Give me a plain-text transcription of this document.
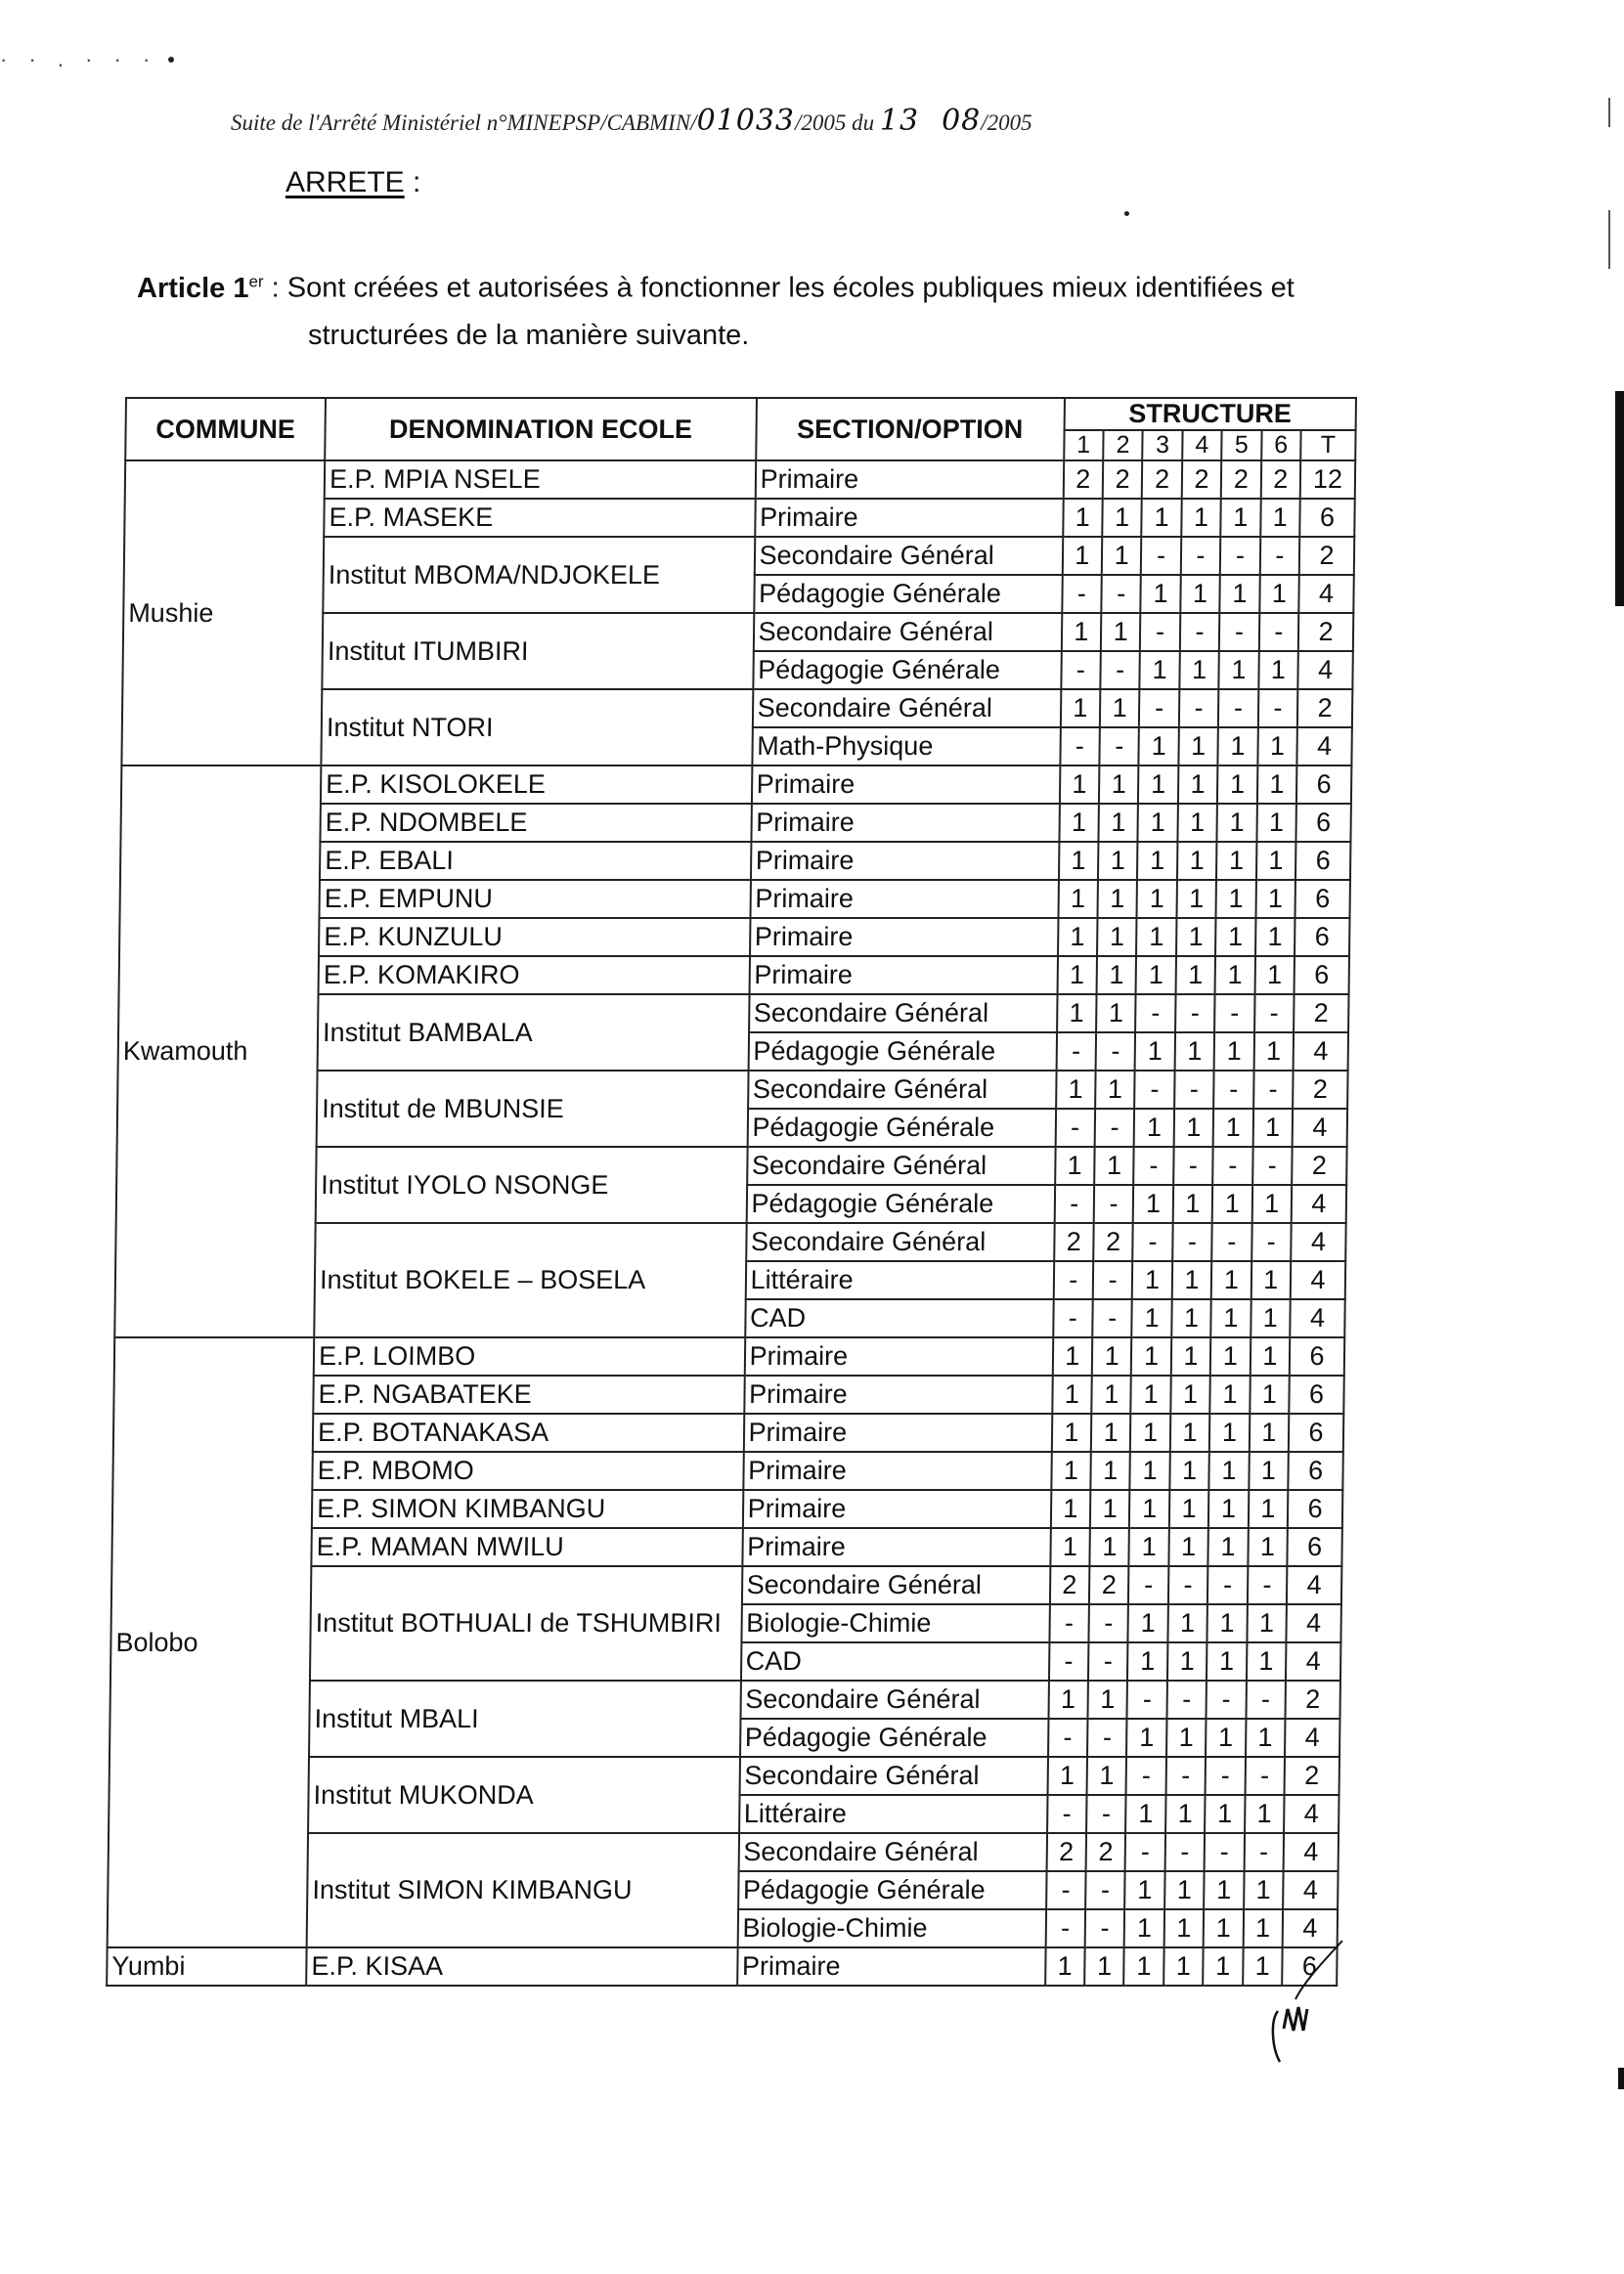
· · . · · ·
Suite de l'Arrêté Ministériel n°MINEPSP/CABMIN/01033/2005 du 13 08/2005
ARRETE :
Article 1er : Sont créées et autorisées à fonctionner les écoles publiques mieux identifiées et
structurées de la manière suivante.
COMMUNE	DENOMINATION ECOLE	SECTION/OPTION	STRUCTURE						
			1	2	3	4	5	6	T
Mushie	E.P. MPIA NSELE	Primaire	2	2	2	2	2	2	12
	E.P. MASEKE	Primaire	1	1	1	1	1	1	6
	Institut MBOMA/NDJOKELE	Secondaire Général	1	1	-	-	-	-	2
		Pédagogie Générale	-	-	1	1	1	1	4
	Institut ITUMBIRI	Secondaire Général	1	1	-	-	-	-	2
		Pédagogie Générale	-	-	1	1	1	1	4
	Institut NTORI	Secondaire Général	1	1	-	-	-	-	2
		Math-Physique	-	-	1	1	1	1	4
Kwamouth	E.P. KISOLOKELE	Primaire	1	1	1	1	1	1	6
	E.P. NDOMBELE	Primaire	1	1	1	1	1	1	6
	E.P. EBALI	Primaire	1	1	1	1	1	1	6
	E.P. EMPUNU	Primaire	1	1	1	1	1	1	6
	E.P. KUNZULU	Primaire	1	1	1	1	1	1	6
	E.P. KOMAKIRO	Primaire	1	1	1	1	1	1	6
	Institut BAMBALA	Secondaire Général	1	1	-	-	-	-	2
		Pédagogie Générale	-	-	1	1	1	1	4
	Institut de MBUNSIE	Secondaire Général	1	1	-	-	-	-	2
		Pédagogie Générale	-	-	1	1	1	1	4
	Institut IYOLO NSONGE	Secondaire Général	1	1	-	-	-	-	2
		Pédagogie Générale	-	-	1	1	1	1	4
	Institut BOKELE – BOSELA	Secondaire Général	2	2	-	-	-	-	4
		Littéraire	-	-	1	1	1	1	4
		CAD	-	-	1	1	1	1	4
Bolobo	E.P. LOIMBO	Primaire	1	1	1	1	1	1	6
	E.P. NGABATEKE	Primaire	1	1	1	1	1	1	6
	E.P. BOTANAKASA	Primaire	1	1	1	1	1	1	6
	E.P. MBOMO	Primaire	1	1	1	1	1	1	6
	E.P. SIMON KIMBANGU	Primaire	1	1	1	1	1	1	6
	E.P. MAMAN MWILU	Primaire	1	1	1	1	1	1	6
	Institut BOTHUALI de TSHUMBIRI	Secondaire Général	2	2	-	-	-	-	4
		Biologie-Chimie	-	-	1	1	1	1	4
		CAD	-	-	1	1	1	1	4
	Institut MBALI	Secondaire Général	1	1	-	-	-	-	2
		Pédagogie Générale	-	-	1	1	1	1	4
	Institut MUKONDA	Secondaire Général	1	1	-	-	-	-	2
		Littéraire	-	-	1	1	1	1	4
	Institut SIMON KIMBANGU	Secondaire Général	2	2	-	-	-	-	4
		Pédagogie Générale	-	-	1	1	1	1	4
		Biologie-Chimie	-	-	1	1	1	1	4
Yumbi	E.P. KISAA	Primaire	1	1	1	1	1	1	6
